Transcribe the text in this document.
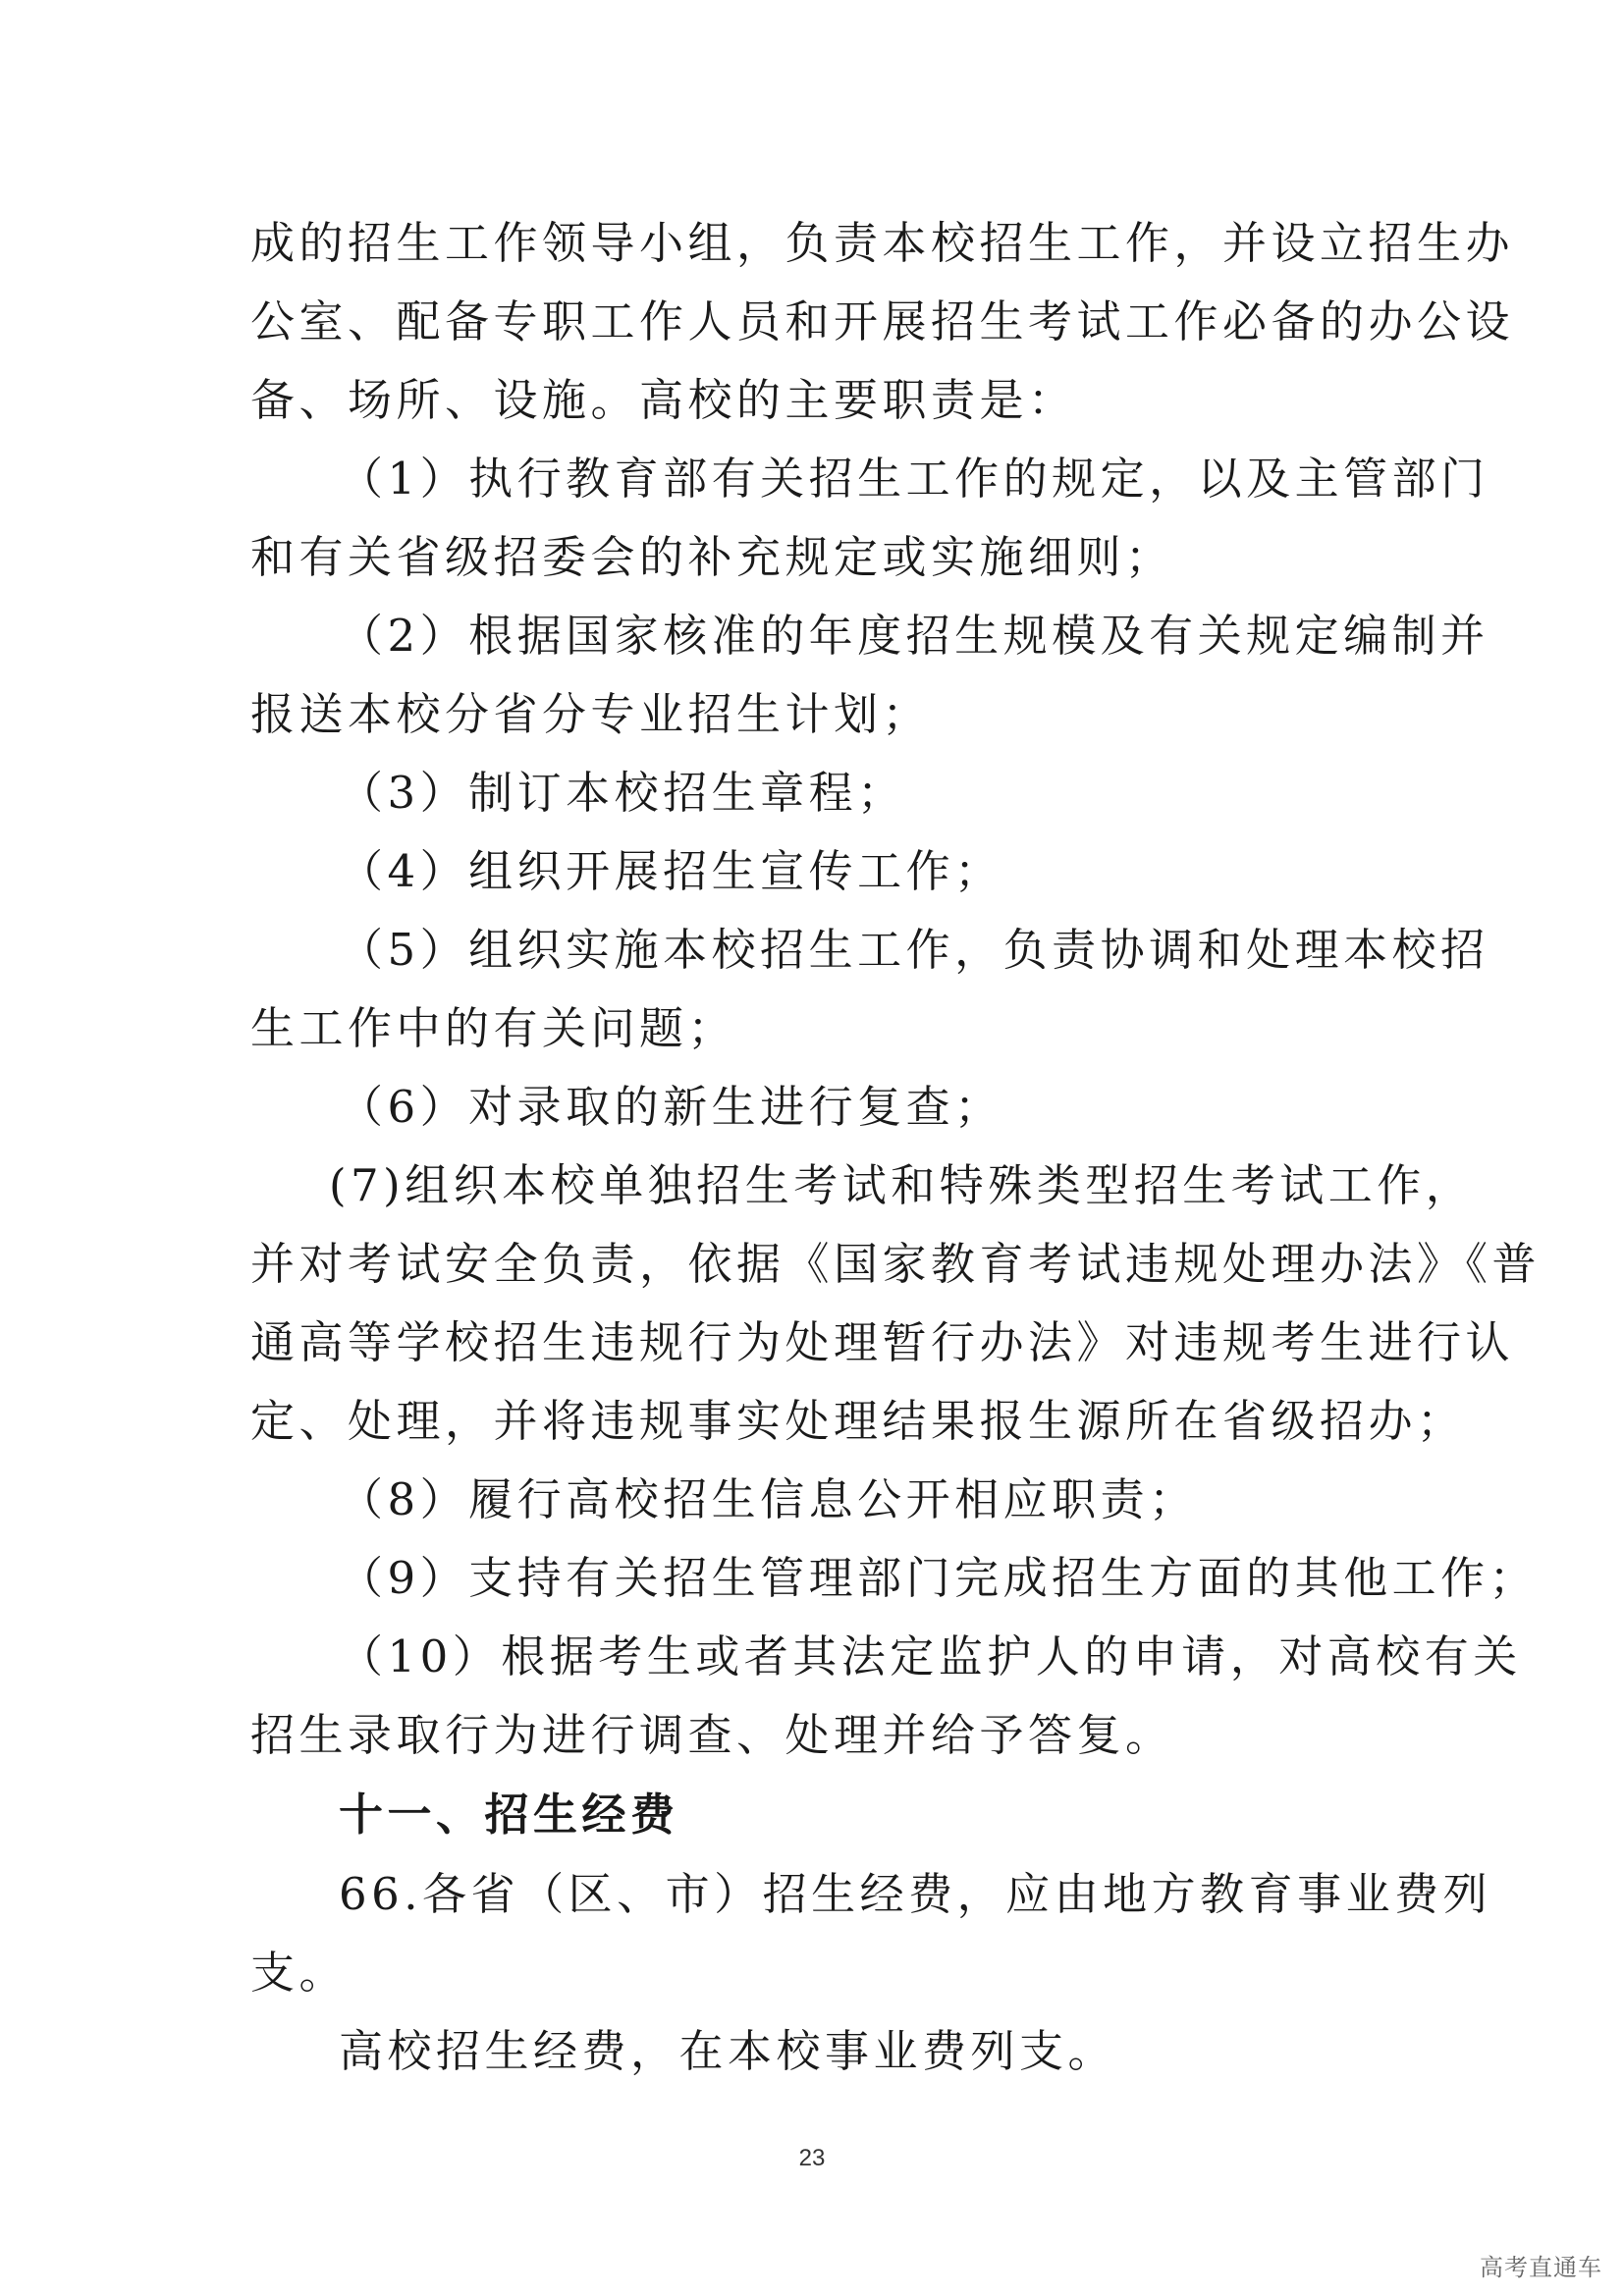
成的招生工作领导小组，负责本校招生工作，并设立招生办
公室、配备专职工作人员和开展招生考试工作必备的办公设
备、场所、设施。高校的主要职责是：
（1）执行教育部有关招生工作的规定，以及主管部门
和有关省级招委会的补充规定或实施细则；
（2）根据国家核准的年度招生规模及有关规定编制并
报送本校分省分专业招生计划；
（3）制订本校招生章程；
（4）组织开展招生宣传工作；
（5）组织实施本校招生工作，负责协调和处理本校招
生工作中的有关问题；
（6）对录取的新生进行复查；
(7)组织本校单独招生考试和特殊类型招生考试工作，
并对考试安全负责，依据《国家教育考试违规处理办法》《普
通高等学校招生违规行为处理暂行办法》对违规考生进行认
定、处理，并将违规事实处理结果报生源所在省级招办；
（8）履行高校招生信息公开相应职责；
（9）支持有关招生管理部门完成招生方面的其他工作；
（10）根据考生或者其法定监护人的申请，对高校有关
招生录取行为进行调查、处理并给予答复。
十一、招生经费
66.各省（区、市）招生经费，应由地方教育事业费列
支。
高校招生经费，在本校事业费列支。
23
高考直通车
